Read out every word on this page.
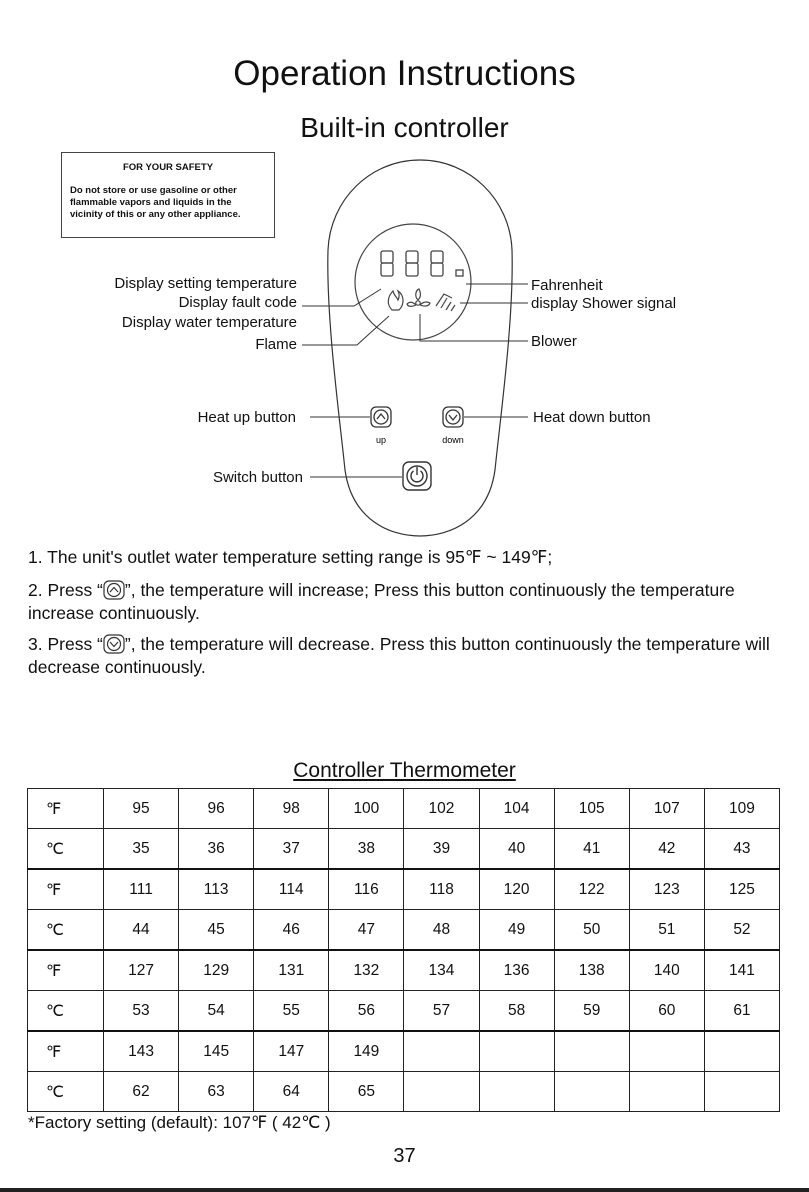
Operation Instructions
Built-in controller
FOR YOUR SAFETY
Do not store or use gasoline or other flammable vapors and liquids in the vicinity of this or any other appliance.
up	down
Display setting temperature
Display fault code
Display water temperature
Flame
Fahrenheit
display Shower signal
Blower
Heat up button	Heat down button
Switch button
1. The unit's outlet water temperature setting range is 95℉ ~ 149℉;
2. Press “ ”, the temperature will increase; Press this button continuously the temperature increase continuously.
3. Press “ ”, the temperature will decrease. Press this button continuously the temperature will decrease continuously.
Controller Thermometer
℉	95	96	98	100	102	104	105	107	109
℃	35	36	37	38	39	40	41	42	43
℉	111	113	114	116	118	120	122	123	125
℃	44	45	46	47	48	49	50	51	52
℉	127	129	131	132	134	136	138	140	141
℃	53	54	55	56	57	58	59	60	61
℉	143	145	147	149					
℃	62	63	64	65					
*Factory setting (default): 107℉ ( 42℃ )
37
